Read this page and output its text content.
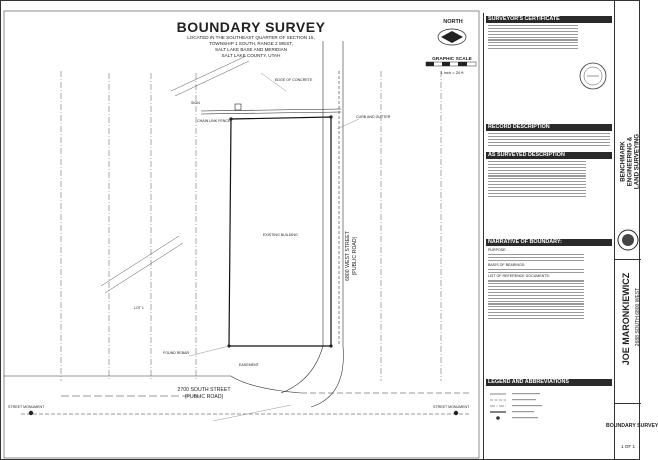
BOUNDARY SURVEY
LOCATED IN THE SOUTHEAST QUARTER OF SECTION 15,
TOWNSHIP 1 SOUTH, RANGE 2 WEST,
SALT LAKE BASE AND MERIDIAN
SALT LAKE COUNTY, UTAH
NORTH
GRAPHIC SCALE
1 inch = 20 ft
EDGE OF CONCRETE
SIGN
CHAIN LINK FENCE
CURB AND GUTTER
EXISTING BUILDING
LOT 1
FOUND REBAR
EASEMENT
STREET MONUMENT	STREET MONUMENT
2700 SOUTH STREET
(PUBLIC ROAD)
6800 WEST STREET (PUBLIC ROAD)
SURVEYOR'S CERTIFICATE
RECORD DESCRIPTION
AS SURVEYED DESCRIPTION
NARRATIVE OF BOUNDARY:
PURPOSE:
BASIS OF BEARINGS:
LIST OF REFERENCE DOCUMENTS:
LEGEND AND ABBREVIATIONS
BENCHMARK ENGINEERING & LAND SURVEYING
JOE MARONKIEWICZ 2688 SOUTH 6800 WEST
BOUNDARY SURVEY
1 OF 1
